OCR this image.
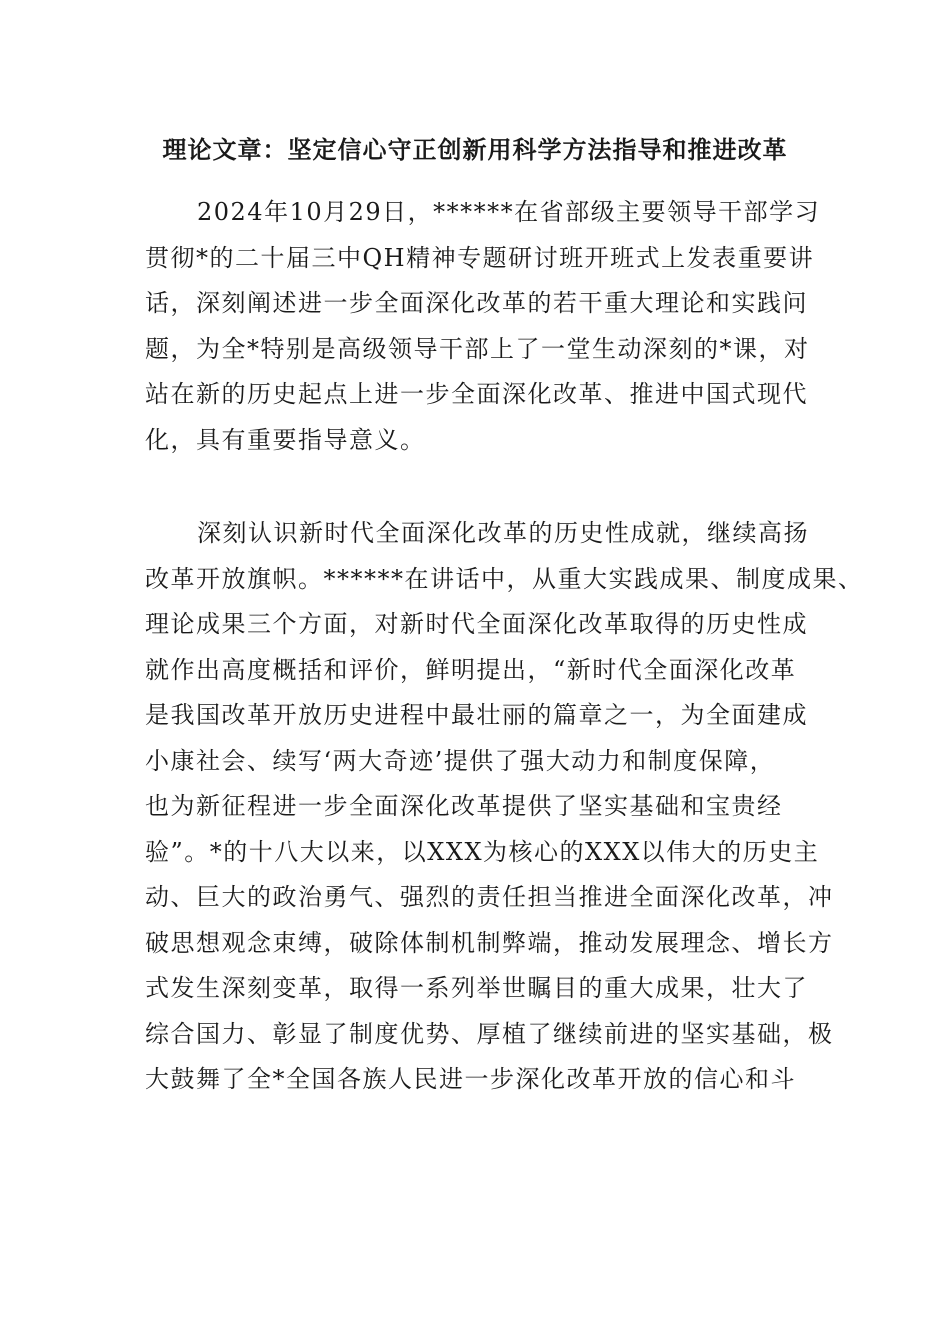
理论文章：坚定信心守正创新用科学方法指导和推进改革
2024年10月29日，******在省部级主要领导干部学习
贯彻*的二十届三中QH精神专题研讨班开班式上发表重要讲
话，深刻阐述进一步全面深化改革的若干重大理论和实践问
题，为全*特别是高级领导干部上了一堂生动深刻的*课，对
站在新的历史起点上进一步全面深化改革、推进中国式现代
化，具有重要指导意义。
深刻认识新时代全面深化改革的历史性成就，继续高扬
改革开放旗帜。******在讲话中，从重大实践成果、制度成果、
理论成果三个方面，对新时代全面深化改革取得的历史性成
就作出高度概括和评价，鲜明提出，“新时代全面深化改革
是我国改革开放历史进程中最壮丽的篇章之一，为全面建成
小康社会、续写‘两大奇迹’提供了强大动力和制度保障，
也为新征程进一步全面深化改革提供了坚实基础和宝贵经
验”。*的十八大以来，以XXX为核心的XXX以伟大的历史主
动、巨大的政治勇气、强烈的责任担当推进全面深化改革，冲
破思想观念束缚，破除体制机制弊端，推动发展理念、增长方
式发生深刻变革，取得一系列举世瞩目的重大成果，壮大了
综合国力、彰显了制度优势、厚植了继续前进的坚实基础，极
大鼓舞了全*全国各族人民进一步深化改革开放的信心和斗
